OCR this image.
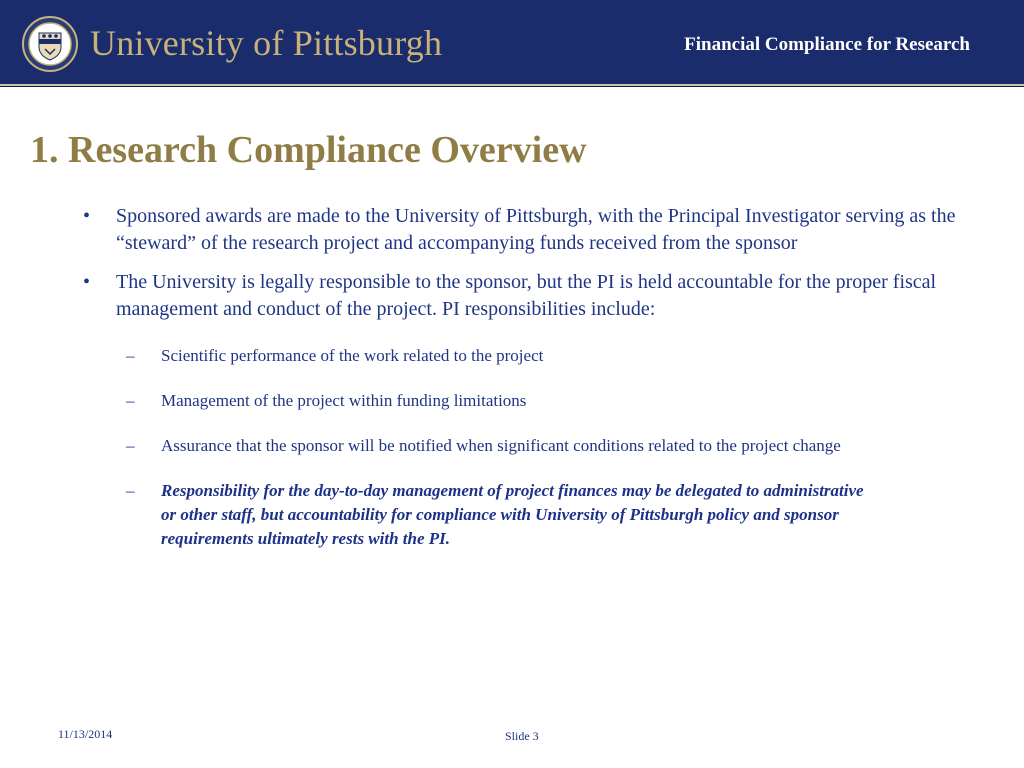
University of Pittsburgh	Financial Compliance for Research
1. Research Compliance Overview
• Sponsored awards are made to the University of Pittsburgh, with the Principal Investigator serving as the “steward” of the research project and accompanying funds received from the sponsor
• The University is legally responsible to the sponsor, but the PI is held accountable for the proper fiscal management and conduct of the project. PI responsibilities include:
– Scientific performance of the work related to the project
– Management of the project within funding limitations
– Assurance that the sponsor will be notified when significant conditions related to the project change
– Responsibility for the day-to-day management of project finances may be delegated to administrative or other staff, but accountability for compliance with University of Pittsburgh policy and sponsor requirements ultimately rests with the PI.
11/13/2014	Slide 3
